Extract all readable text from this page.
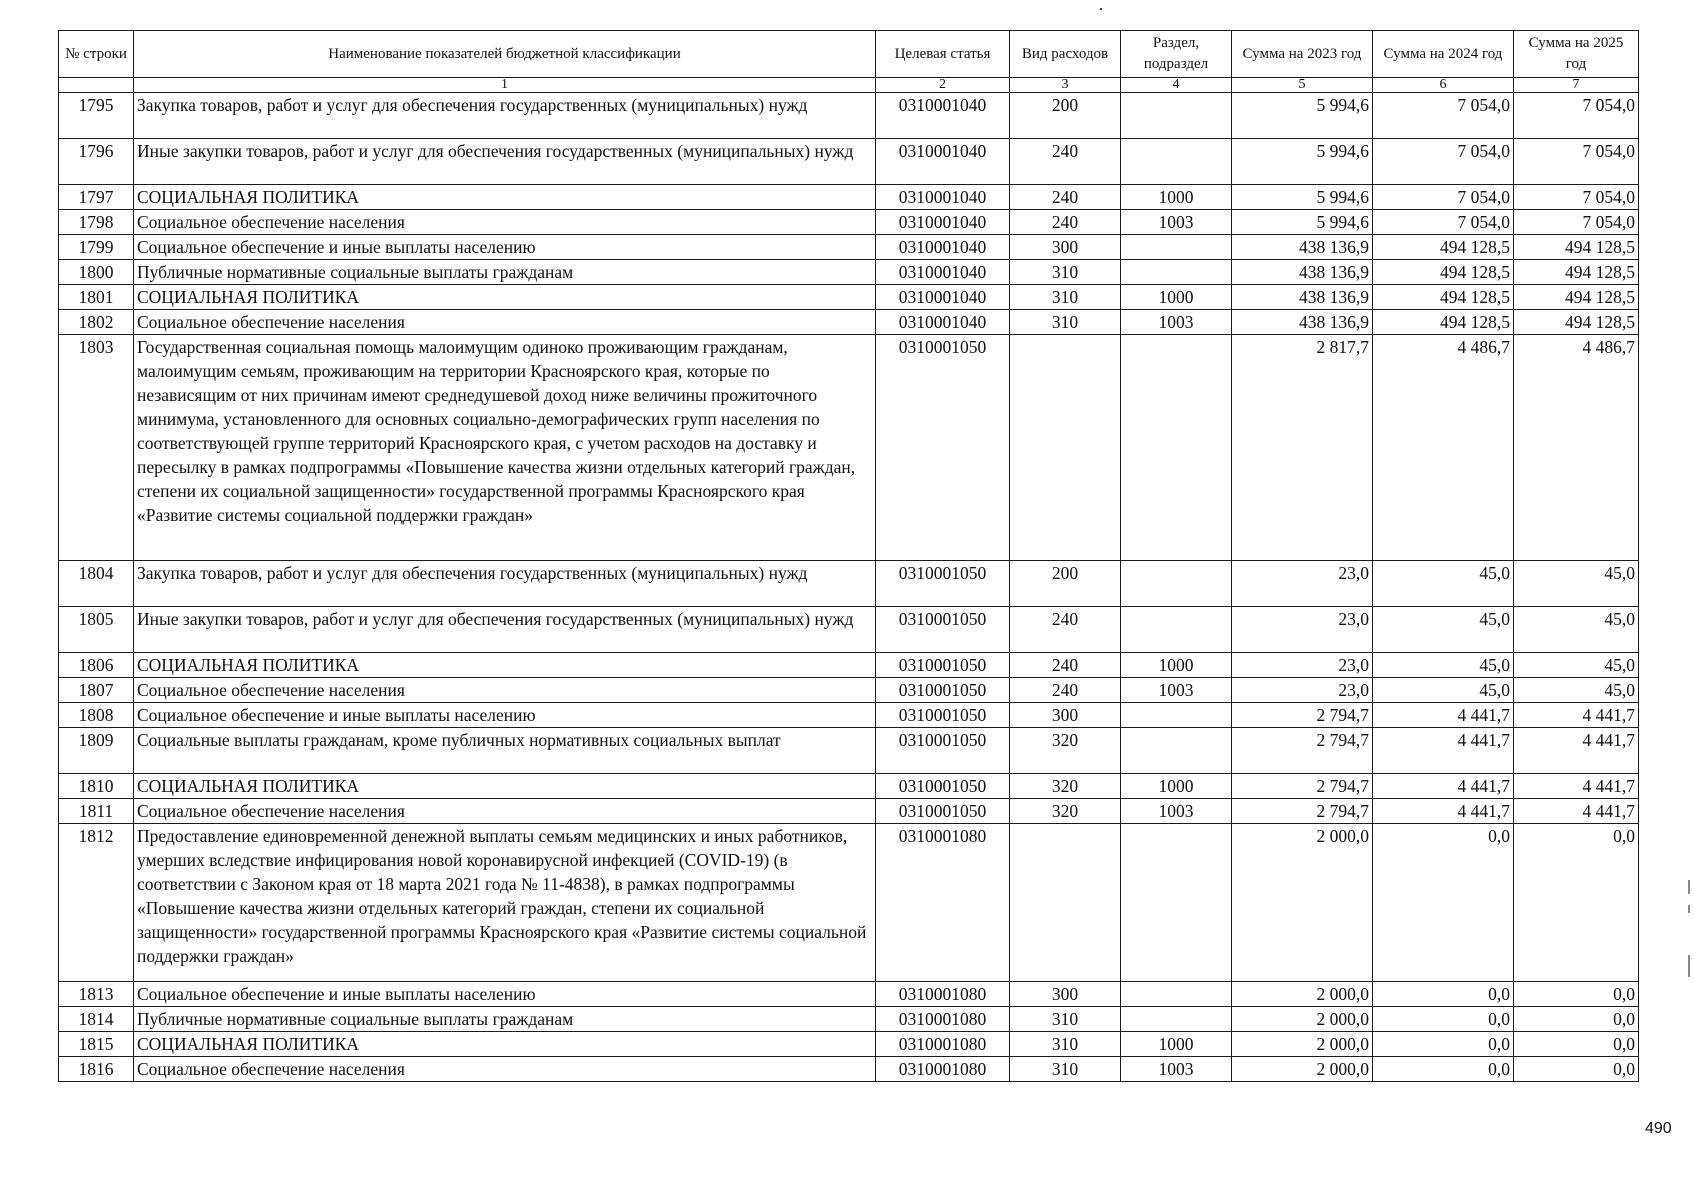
№ строки	Наименование показателей бюджетной классификации	Целевая статья	Вид расходов	Раздел, подраздел	Сумма на 2023 год	Сумма на 2024 год	Сумма на 2025 год
	1	2	3	4	5	6	7
1795	Закупка товаров, работ и услуг для обеспечения государственных (муниципальных) нужд	0310001040	200		5 994,6	7 054,0	7 054,0
1796	Иные закупки товаров, работ и услуг для обеспечения государственных (муниципальных) нужд	0310001040	240		5 994,6	7 054,0	7 054,0
1797	СОЦИАЛЬНАЯ ПОЛИТИКА	0310001040	240	1000	5 994,6	7 054,0	7 054,0
1798	Социальное обеспечение населения	0310001040	240	1003	5 994,6	7 054,0	7 054,0
1799	Социальное обеспечение и иные выплаты населению	0310001040	300		438 136,9	494 128,5	494 128,5
1800	Публичные нормативные социальные выплаты гражданам	0310001040	310		438 136,9	494 128,5	494 128,5
1801	СОЦИАЛЬНАЯ ПОЛИТИКА	0310001040	310	1000	438 136,9	494 128,5	494 128,5
1802	Социальное обеспечение населения	0310001040	310	1003	438 136,9	494 128,5	494 128,5
1803	Государственная социальная помощь малоимущим одиноко проживающим гражданам, малоимущим семьям, проживающим на территории Красноярского края, которые по независящим от них причинам имеют среднедушевой доход ниже величины прожиточного минимума, установленного для основных социально-демографических групп населения по соответствующей группе территорий Красноярского края, с учетом расходов на доставку и пересылку в рамках подпрограммы «Повышение качества жизни отдельных категорий граждан, степени их социальной защищенности» государственной программы Красноярского края «Развитие системы социальной поддержки граждан»	0310001050			2 817,7	4 486,7	4 486,7
1804	Закупка товаров, работ и услуг для обеспечения государственных (муниципальных) нужд	0310001050	200		23,0	45,0	45,0
1805	Иные закупки товаров, работ и услуг для обеспечения государственных (муниципальных) нужд	0310001050	240		23,0	45,0	45,0
1806	СОЦИАЛЬНАЯ ПОЛИТИКА	0310001050	240	1000	23,0	45,0	45,0
1807	Социальное обеспечение населения	0310001050	240	1003	23,0	45,0	45,0
1808	Социальное обеспечение и иные выплаты населению	0310001050	300		2 794,7	4 441,7	4 441,7
1809	Социальные выплаты гражданам, кроме публичных нормативных социальных выплат	0310001050	320		2 794,7	4 441,7	4 441,7
1810	СОЦИАЛЬНАЯ ПОЛИТИКА	0310001050	320	1000	2 794,7	4 441,7	4 441,7
1811	Социальное обеспечение населения	0310001050	320	1003	2 794,7	4 441,7	4 441,7
1812	Предоставление единовременной денежной выплаты семьям медицинских и иных работников, умерших вследствие инфицирования новой коронавирусной инфекцией (COVID-19) (в соответствии с Законом края от 18 марта 2021 года № 11-4838), в рамках подпрограммы «Повышение качества жизни отдельных категорий граждан, степени их социальной защищенности» государственной программы Красноярского края «Развитие системы социальной поддержки граждан»	0310001080			2 000,0	0,0	0,0
1813	Социальное обеспечение и иные выплаты населению	0310001080	300		2 000,0	0,0	0,0
1814	Публичные нормативные социальные выплаты гражданам	0310001080	310		2 000,0	0,0	0,0
1815	СОЦИАЛЬНАЯ ПОЛИТИКА	0310001080	310	1000	2 000,0	0,0	0,0
1816	Социальное обеспечение населения	0310001080	310	1003	2 000,0	0,0	0,0
490
